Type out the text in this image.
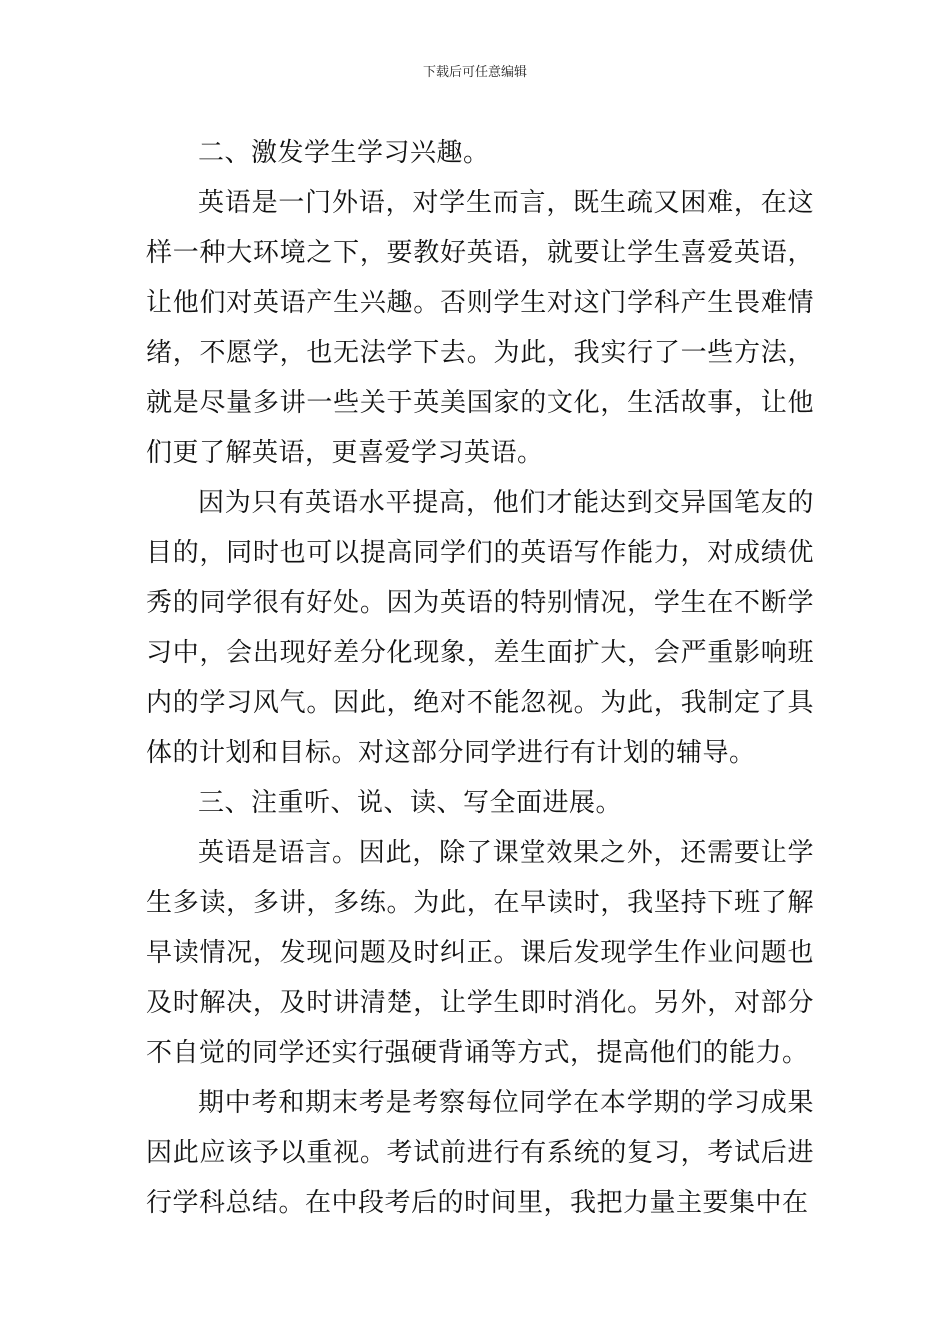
下载后可任意编辑

二、激发学生学习兴趣。

英语是一门外语，对学生而言，既生疏又困难，在这样一种大环境之下，要教好英语，就要让学生喜爱英语，让他们对英语产生兴趣。否则学生对这门学科产生畏难情绪，不愿学，也无法学下去。为此，我实行了一些方法，就是尽量多讲一些关于英美国家的文化，生活故事，让他们更了解英语，更喜爱学习英语。

因为只有英语水平提高，他们才能达到交异国笔友的目的，同时也可以提高同学们的英语写作能力，对成绩优秀的同学很有好处。因为英语的特别情况，学生在不断学习中，会出现好差分化现象，差生面扩大，会严重影响班内的学习风气。因此，绝对不能忽视。为此，我制定了具体的计划和目标。对这部分同学进行有计划的辅导。

三、注重听、说、读、写全面进展。

英语是语言。因此，除了课堂效果之外，还需要让学生多读，多讲，多练。为此，在早读时，我坚持下班了解早读情况，发现问题及时纠正。课后发现学生作业问题也及时解决，及时讲清楚，让学生即时消化。另外，对部分不自觉的同学还实行强硬背诵等方式，提高他们的能力。

期中考和期末考是考察每位同学在本学期的学习成果因此应该予以重视。考试前进行有系统的复习，考试后进行学科总结。在中段考后的时间里，我把力量主要集中在
